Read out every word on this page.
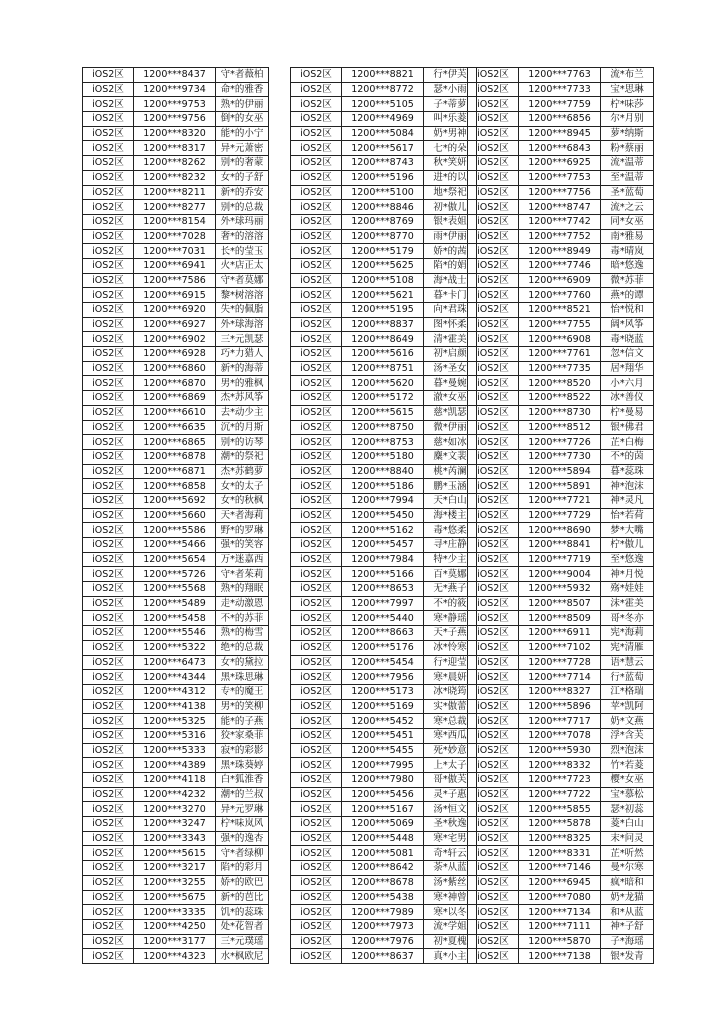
iOS2区	1200***8437	守*者薇柏
iOS2区	1200***9734	命*的雅香
iOS2区	1200***9753	熟*的伊丽
iOS2区	1200***9756	倒*的女巫
iOS2区	1200***8320	能*的小宁
iOS2区	1200***8317	异*元萧密
iOS2区	1200***8262	别*的奢蒙
iOS2区	1200***8232	女*的子舒
iOS2区	1200***8211	新*的乔安
iOS2区	1200***8277	别*的总裁
iOS2区	1200***8154	外*球玛丽
iOS2区	1200***7028	奢*的溶溶
iOS2区	1200***7031	长*的莹玉
iOS2区	1200***6941	火*店正太
iOS2区	1200***7586	守*者莫娜
iOS2区	1200***6915	黎*树溶溶
iOS2区	1200***6920	失*的佩脂
iOS2区	1200***6927	外*球海溶
iOS2区	1200***6902	三*元凯瑟
iOS2区	1200***6928	巧*力猎人
iOS2区	1200***6860	新*的海蒂
iOS2区	1200***6870	男*的雅枫
iOS2区	1200***6869	杰*苏风筝
iOS2区	1200***6610	去*动少主
iOS2区	1200***6635	沉*的月斯
iOS2区	1200***6865	别*的访琴
iOS2区	1200***6878	潮*的祭祀
iOS2区	1200***6871	杰*苏鹤萝
iOS2区	1200***6858	女*的太子
iOS2区	1200***5692	女*的秋枫
iOS2区	1200***5660	天*者海莉
iOS2区	1200***5586	野*的罗琳
iOS2区	1200***5466	强*的笑容
iOS2区	1200***5654	万*迷嘉西
iOS2区	1200***5726	守*者茱莉
iOS2区	1200***5568	熟*的翔眠
iOS2区	1200***5489	走*动激恩
iOS2区	1200***5458	不*的苏菲
iOS2区	1200***5546	熟*的梅雪
iOS2区	1200***5322	绝*的总裁
iOS2区	1200***6473	女*的黛拉
iOS2区	1200***4344	黑*珠思琳
iOS2区	1200***4312	专*的魔王
iOS2区	1200***4138	男*的笑柳
iOS2区	1200***5325	能*的子燕
iOS2区	1200***5316	狡*家桑菲
iOS2区	1200***5333	寂*的彩影
iOS2区	1200***4389	黑*珠葵婷
iOS2区	1200***4118	白*狐淮香
iOS2区	1200***4232	潮*的兰叔
iOS2区	1200***3270	异*元罗琳
iOS2区	1200***3247	柠*味岚风
iOS2区	1200***3343	强*的逸杏
iOS2区	1200***5615	守*者绿柳
iOS2区	1200***3217	陷*的彩月
iOS2区	1200***3255	娇*的欧巴
iOS2区	1200***5675	新*的芭比
iOS2区	1200***3335	饥*的蕊珠
iOS2区	1200***4250	处*花智者
iOS2区	1200***3177	三*元璞瑶
iOS2区	1200***4323	水*枫欧尼
iOS2区	1200***8821	行*伊芙
iOS2区	1200***8772	瑟*小雨
iOS2区	1200***5105	子*蒂萝
iOS2区	1200***4969	叫*乐菱
iOS2区	1200***5084	奶*男神
iOS2区	1200***5617	七*的朵
iOS2区	1200***8743	秋*笑妍
iOS2区	1200***5196	进*的以
iOS2区	1200***5100	地*祭祀
iOS2区	1200***8846	初*傲儿
iOS2区	1200***8769	银*表姐
iOS2区	1200***8770	雨*伊丽
iOS2区	1200***5179	娇*的茜
iOS2区	1200***5625	陷*的娟
iOS2区	1200***5108	海*战士
iOS2区	1200***5621	暮*卡门
iOS2区	1200***5195	向*君珠
iOS2区	1200***8837	图*怀柔
iOS2区	1200***8649	清*霍美
iOS2区	1200***5616	初*启颜
iOS2区	1200***8751	汤*圣女
iOS2区	1200***5620	暮*曼婉
iOS2区	1200***5172	澈*女巫
iOS2区	1200***5615	慈*凯瑟
iOS2区	1200***8750	微*伊丽
iOS2区	1200***8753	慈*如冰
iOS2区	1200***5180	麋*文裴
iOS2区	1200***8840	桃*芮澜
iOS2区	1200***5186	鹏*玉涵
iOS2区	1200***7994	天*白山
iOS2区	1200***5450	海*楼主
iOS2区	1200***5162	毒*悠柔
iOS2区	1200***5457	寻*庄静
iOS2区	1200***7984	特*少主
iOS2区	1200***5166	百*莫娜
iOS2区	1200***8653	无*燕子
iOS2区	1200***7997	不*的筱
iOS2区	1200***5440	寒*静瑶
iOS2区	1200***8663	天*子燕
iOS2区	1200***5176	冰*怜寒
iOS2区	1200***5454	行*迎莹
iOS2区	1200***7956	寒*晨妍
iOS2区	1200***5173	冰*晓筠
iOS2区	1200***5169	实*傲蕾
iOS2区	1200***5452	寒*总裁
iOS2区	1200***5451	寒*西瓜
iOS2区	1200***5455	死*妙意
iOS2区	1200***7995	上*太子
iOS2区	1200***7980	哥*傲芙
iOS2区	1200***5456	灵*子惠
iOS2区	1200***5167	汤*恒文
iOS2区	1200***5069	圣*秋逸
iOS2区	1200***5448	寒*宅男
iOS2区	1200***5081	奇*轩云
iOS2区	1200***8642	荼*从蓝
iOS2区	1200***8678	汤*紫丝
iOS2区	1200***5438	寒*神曾
iOS2区	1200***7989	寒*以冬
iOS2区	1200***7973	流*学姐
iOS2区	1200***7976	初*夏槐
iOS2区	1200***8637	真*小主
iOS2区	1200***7763	流*布兰
iOS2区	1200***7733	宝*思琳
iOS2区	1200***7759	柠*味莎
iOS2区	1200***6856	尔*月别
iOS2区	1200***8945	萝*纳斯
iOS2区	1200***6843	粉*蔡丽
iOS2区	1200***6925	流*温蒂
iOS2区	1200***7753	至*温蒂
iOS2区	1200***7756	圣*蓝萄
iOS2区	1200***8747	流*之云
iOS2区	1200***7742	同*女巫
iOS2区	1200***7752	南*雅易
iOS2区	1200***8949	毒*晴岚
iOS2区	1200***7746	暗*悠逸
iOS2区	1200***6909	微*苏菲
iOS2区	1200***7760	燕*的谭
iOS2区	1200***8521	怡*悦和
iOS2区	1200***7755	阔*风筝
iOS2区	1200***6908	毒*晓蓝
iOS2区	1200***7761	忽*信文
iOS2区	1200***7735	居*翔华
iOS2区	1200***8520	小*六月
iOS2区	1200***8522	冰*善仪
iOS2区	1200***8730	柠*曼易
iOS2区	1200***8512	银*佛君
iOS2区	1200***7726	芷*白梅
iOS2区	1200***7730	不*的茵
iOS2区	1200***5894	暮*蕊珠
iOS2区	1200***5891	神*泡沫
iOS2区	1200***7721	神*灵凡
iOS2区	1200***7729	怡*若荷
iOS2区	1200***8690	梦*大嘴
iOS2区	1200***8841	柠*傲儿
iOS2区	1200***7719	至*悠逸
iOS2区	1200***9004	神*月悦
iOS2区	1200***5932	殇*娃娃
iOS2区	1200***8507	沫*霍美
iOS2区	1200***8509	哥*冬亦
iOS2区	1200***6911	宪*海莉
iOS2区	1200***7102	宪*清雁
iOS2区	1200***7728	语*慧云
iOS2区	1200***7714	行*蓝萄
iOS2区	1200***8327	江*格瑞
iOS2区	1200***5896	苹*凯阿
iOS2区	1200***7717	奶*文燕
iOS2区	1200***7078	浮*含芙
iOS2区	1200***5930	烈*泡沫
iOS2区	1200***8332	竹*若菱
iOS2区	1200***7723	樱*女巫
iOS2区	1200***7722	宝*慕松
iOS2区	1200***5855	瑟*初蕊
iOS2区	1200***5878	菱*白山
iOS2区	1200***8325	末*问灵
iOS2区	1200***8331	芷*听然
iOS2区	1200***7146	曼*尔寒
iOS2区	1200***6945	疯*暗和
iOS2区	1200***7080	奶*龙猫
iOS2区	1200***7134	和*从蓝
iOS2区	1200***7111	神*子舒
iOS2区	1200***5870	子*海瑶
iOS2区	1200***7138	银*发青
